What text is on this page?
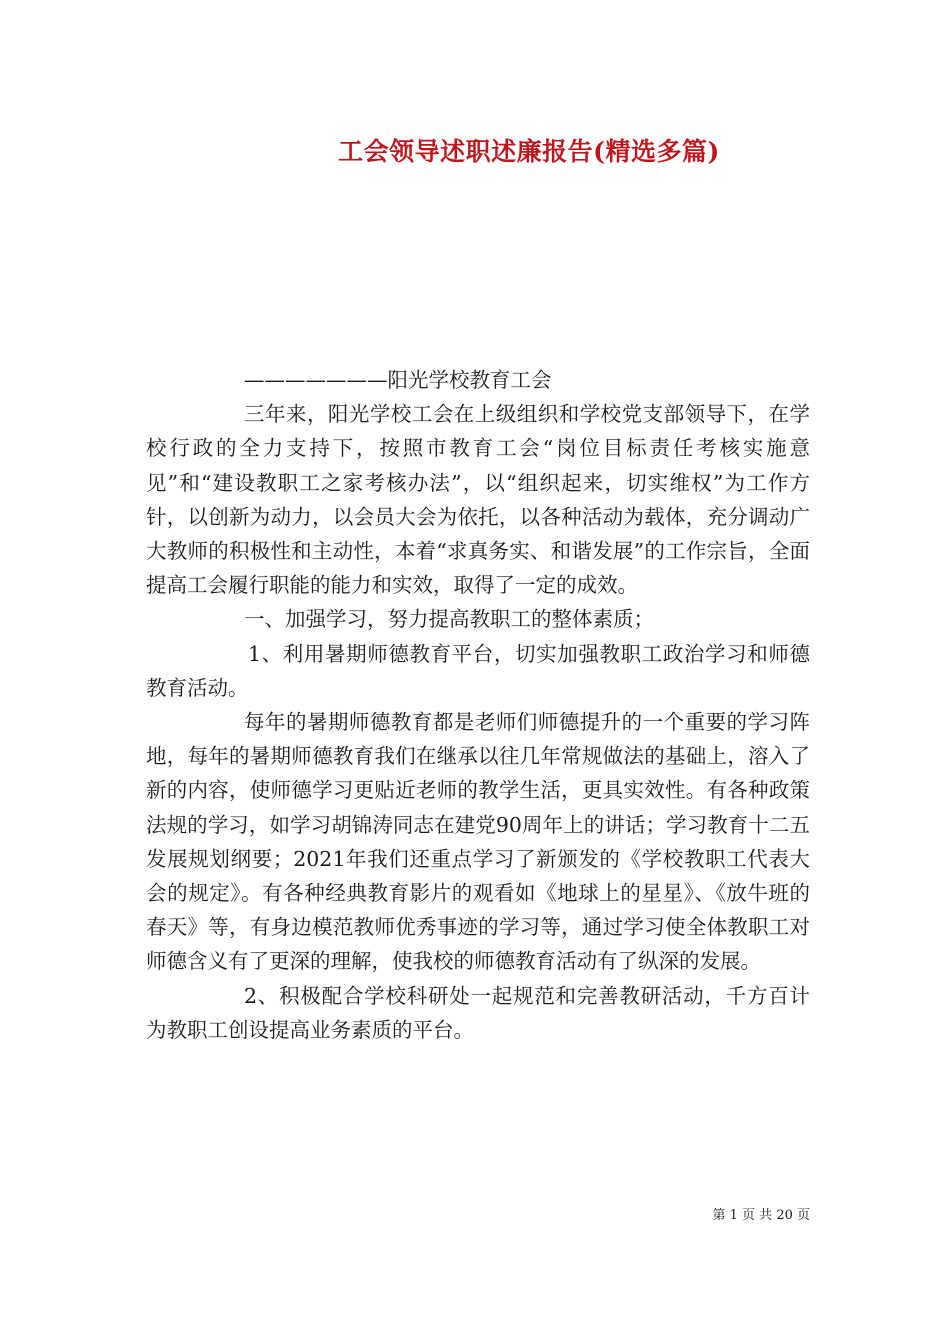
工会领导述职述廉报告(精选多篇)

———————阳光学校教育工会

三年来，阳光学校工会在上级组织和学校党支部领导下，在学校行政的全力支持下，按照市教育工会“岗位目标责任考核实施意见”和“建设教职工之家考核办法”，以“组织起来，切实维权”为工作方针，以创新为动力，以会员大会为依托，以各种活动为载体，充分调动广大教师的积极性和主动性，本着“求真务实、和谐发展”的工作宗旨，全面提高工会履行职能的能力和实效，取得了一定的成效。

一、加强学习，努力提高教职工的整体素质；

1、利用暑期师德教育平台，切实加强教职工政治学习和师德教育活动。

每年的暑期师德教育都是老师们师德提升的一个重要的学习阵地，每年的暑期师德教育我们在继承以往几年常规做法的基础上，溶入了新的内容，使师德学习更贴近老师的教学生活，更具实效性。有各种政策法规的学习，如学习胡锦涛同志在建党90周年上的讲话；学习教育十二五发展规划纲要；2021年我们还重点学习了新颁发的《学校教职工代表大会的规定》。有各种经典教育影片的观看如《地球上的星星》、《放牛班的春天》等，有身边模范教师优秀事迹的学习等，通过学习使全体教职工对师德含义有了更深的理解，使我校的师德教育活动有了纵深的发展。

2、积极配合学校科研处一起规范和完善教研活动，千方百计为教职工创设提高业务素质的平台。

第 1 页 共 20 页
